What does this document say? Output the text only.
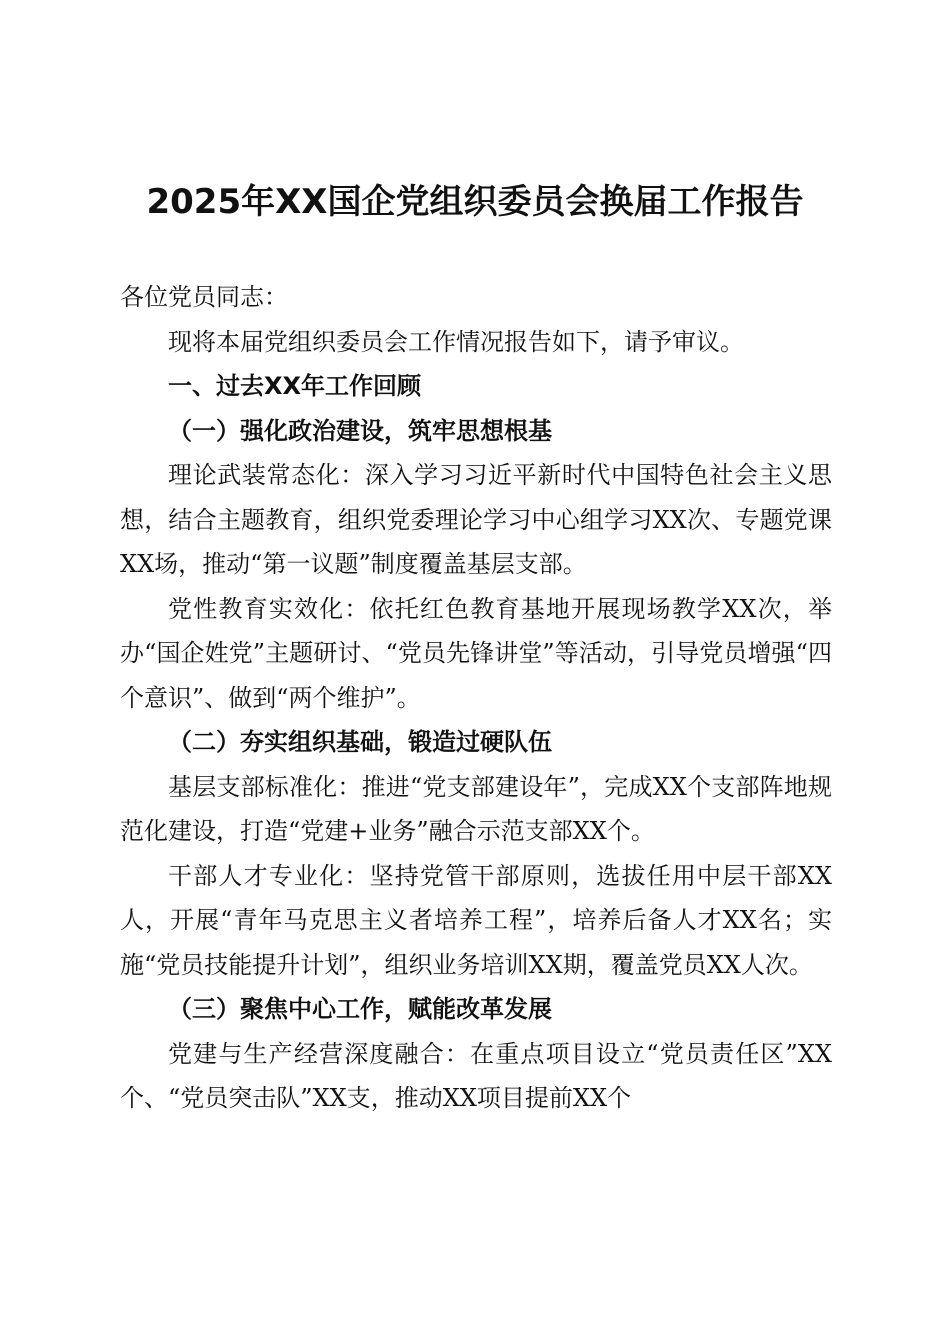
2025年XX国企党组织委员会换届工作报告

各位党员同志：

现将本届党组织委员会工作情况报告如下，请予审议。

一、过去XX年工作回顾

（一）强化政治建设，筑牢思想根基

理论武装常态化：深入学习习近平新时代中国特色社会主义思想，结合主题教育，组织党委理论学习中心组学习XX次、专题党课XX场，推动“第一议题”制度覆盖基层支部。

党性教育实效化：依托红色教育基地开展现场教学XX次，举办“国企姓党”主题研讨、“党员先锋讲堂”等活动，引导党员增强“四个意识”、做到“两个维护”。

（二）夯实组织基础，锻造过硬队伍

基层支部标准化：推进“党支部建设年”，完成XX个支部阵地规范化建设，打造“党建+业务”融合示范支部XX个。

干部人才专业化：坚持党管干部原则，选拔任用中层干部XX人，开展“青年马克思主义者培养工程”，培养后备人才XX名；实施“党员技能提升计划”，组织业务培训XX期，覆盖党员XX人次。

（三）聚焦中心工作，赋能改革发展

党建与生产经营深度融合：在重点项目设立“党员责任区”XX个、“党员突击队”XX支，推动XX项目提前XX个
